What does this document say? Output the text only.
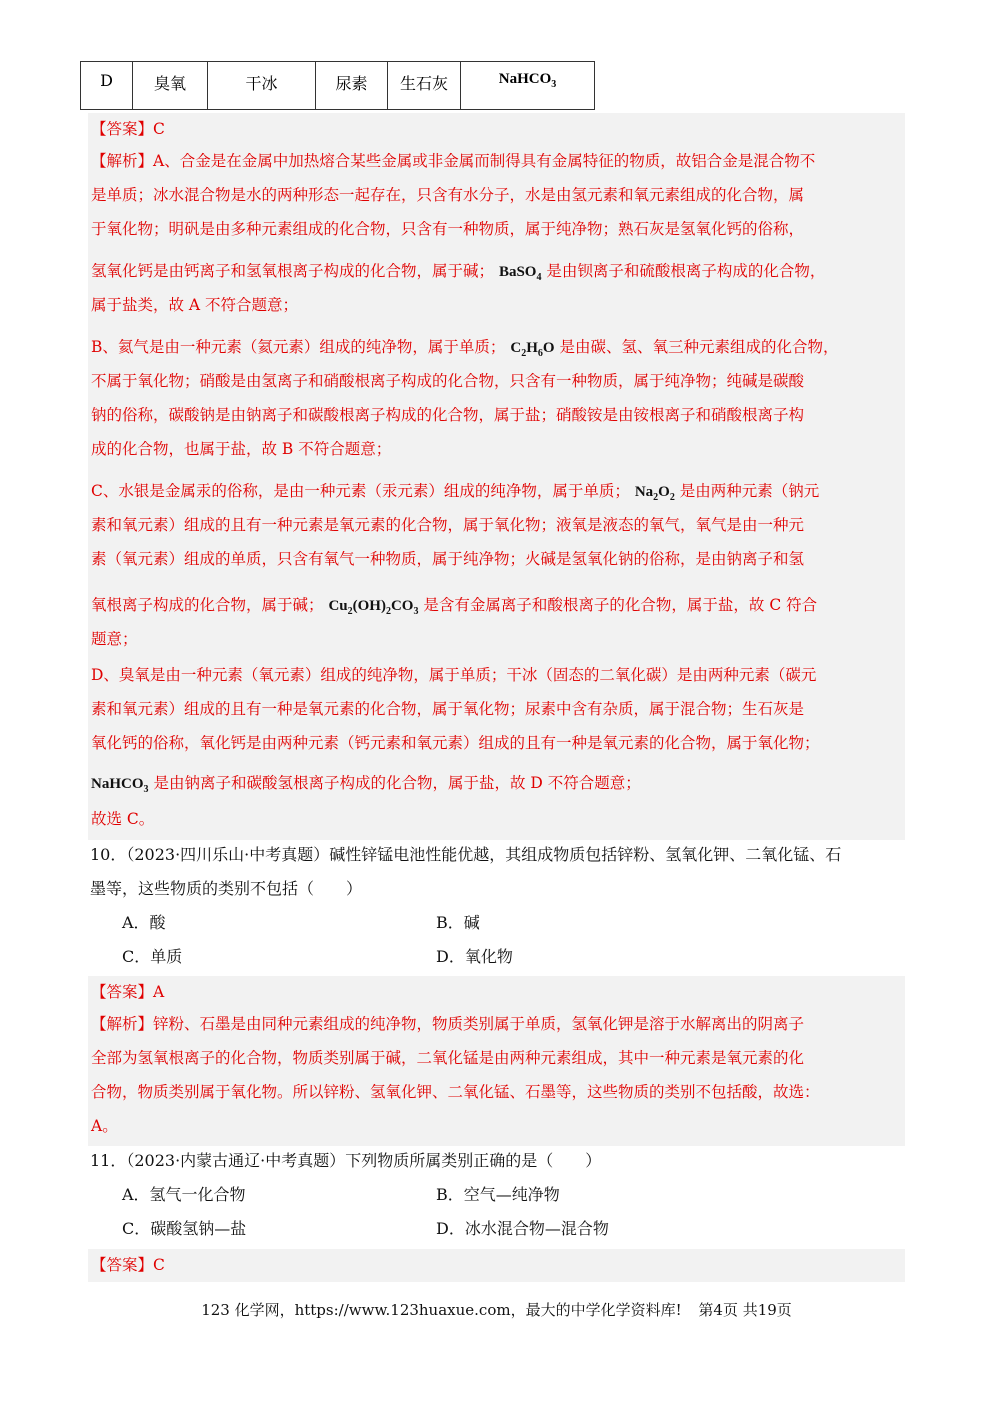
D	臭氧	干冰	尿素	生石灰	NaHCO$_3$
【答案】C
【解析】A、合金是在金属中加热熔合某些金属或非金属而制得具有金属特征的物质，故铝合金是混合物不
是单质；冰水混合物是水的两种形态一起存在，只含有水分子，水是由氢元素和氧元素组成的化合物，属
于氧化物；明矾是由多种元素组成的化合物，只含有一种物质，属于纯净物；熟石灰是氢氧化钙的俗称，
氢氧化钙是由钙离子和氢氧根离子构成的化合物，属于碱； BaSO$_4$ 是由钡离子和硫酸根离子构成的化合物，
属于盐类，故 A 不符合题意；
B、氦气是由一种元素（氦元素）组成的纯净物，属于单质； $C_2H_6O$ 是由碳、氢、氧三种元素组成的化合物，
不属于氧化物；硝酸是由氢离子和硝酸根离子构成的化合物，只含有一种物质，属于纯净物；纯碱是碳酸
钠的俗称，碳酸钠是由钠离子和碳酸根离子构成的化合物，属于盐；硝酸铵是由铵根离子和硝酸根离子构
成的化合物，也属于盐，故 B 不符合题意；
C、水银是金属汞的俗称，是由一种元素（汞元素）组成的纯净物，属于单质； $Na_2O_2$ 是由两种元素（钠元
素和氧元素）组成的且有一种元素是氧元素的化合物，属于氧化物；液氧是液态的氧气，氧气是由一种元
素（氧元素）组成的单质，只含有氧气一种物质，属于纯净物；火碱是氢氧化钠的俗称，是由钠离子和氢
氧根离子构成的化合物，属于碱； $Cu_2(OH)_2CO_3$ 是含有金属离子和酸根离子的化合物，属于盐，故 C 符合
题意；
D、臭氧是由一种元素（氧元素）组成的纯净物，属于单质；干冰（固态的二氧化碳）是由两种元素（碳元
素和氧元素）组成的且有一种是氧元素的化合物，属于氧化物；尿素中含有杂质，属于混合物；生石灰是
氧化钙的俗称，氧化钙是由两种元素（钙元素和氧元素）组成的且有一种是氧元素的化合物，属于氧化物；
NaHCO$_3$ 是由钠离子和碳酸氢根离子构成的化合物，属于盐，故 D 不符合题意；
故选 C。
10．（2023·四川乐山·中考真题）碱性锌锰电池性能优越，其组成物质包括锌粉、氢氧化钾、二氧化锰、石
墨等，这些物质的类别不包括（　　）
A．酸	B．碱
C．单质	D．氧化物
【答案】A
【解析】锌粉、石墨是由同种元素组成的纯净物，物质类别属于单质，氢氧化钾是溶于水解离出的阴离子
全部为氢氧根离子的化合物，物质类别属于碱，二氧化锰是由两种元素组成，其中一种元素是氧元素的化
合物，物质类别属于氧化物。所以锌粉、氢氧化钾、二氧化锰、石墨等，这些物质的类别不包括酸，故选：
A。
11．（2023·内蒙古通辽·中考真题）下列物质所属类别正确的是（　　）
A．氢气一化合物	B．空气—纯净物
C．碳酸氢钠—盐	D．冰水混合物—混合物
【答案】C
123 化学网，https://www.123huaxue.com，最大的中学化学资料库! 第4页 共19页
